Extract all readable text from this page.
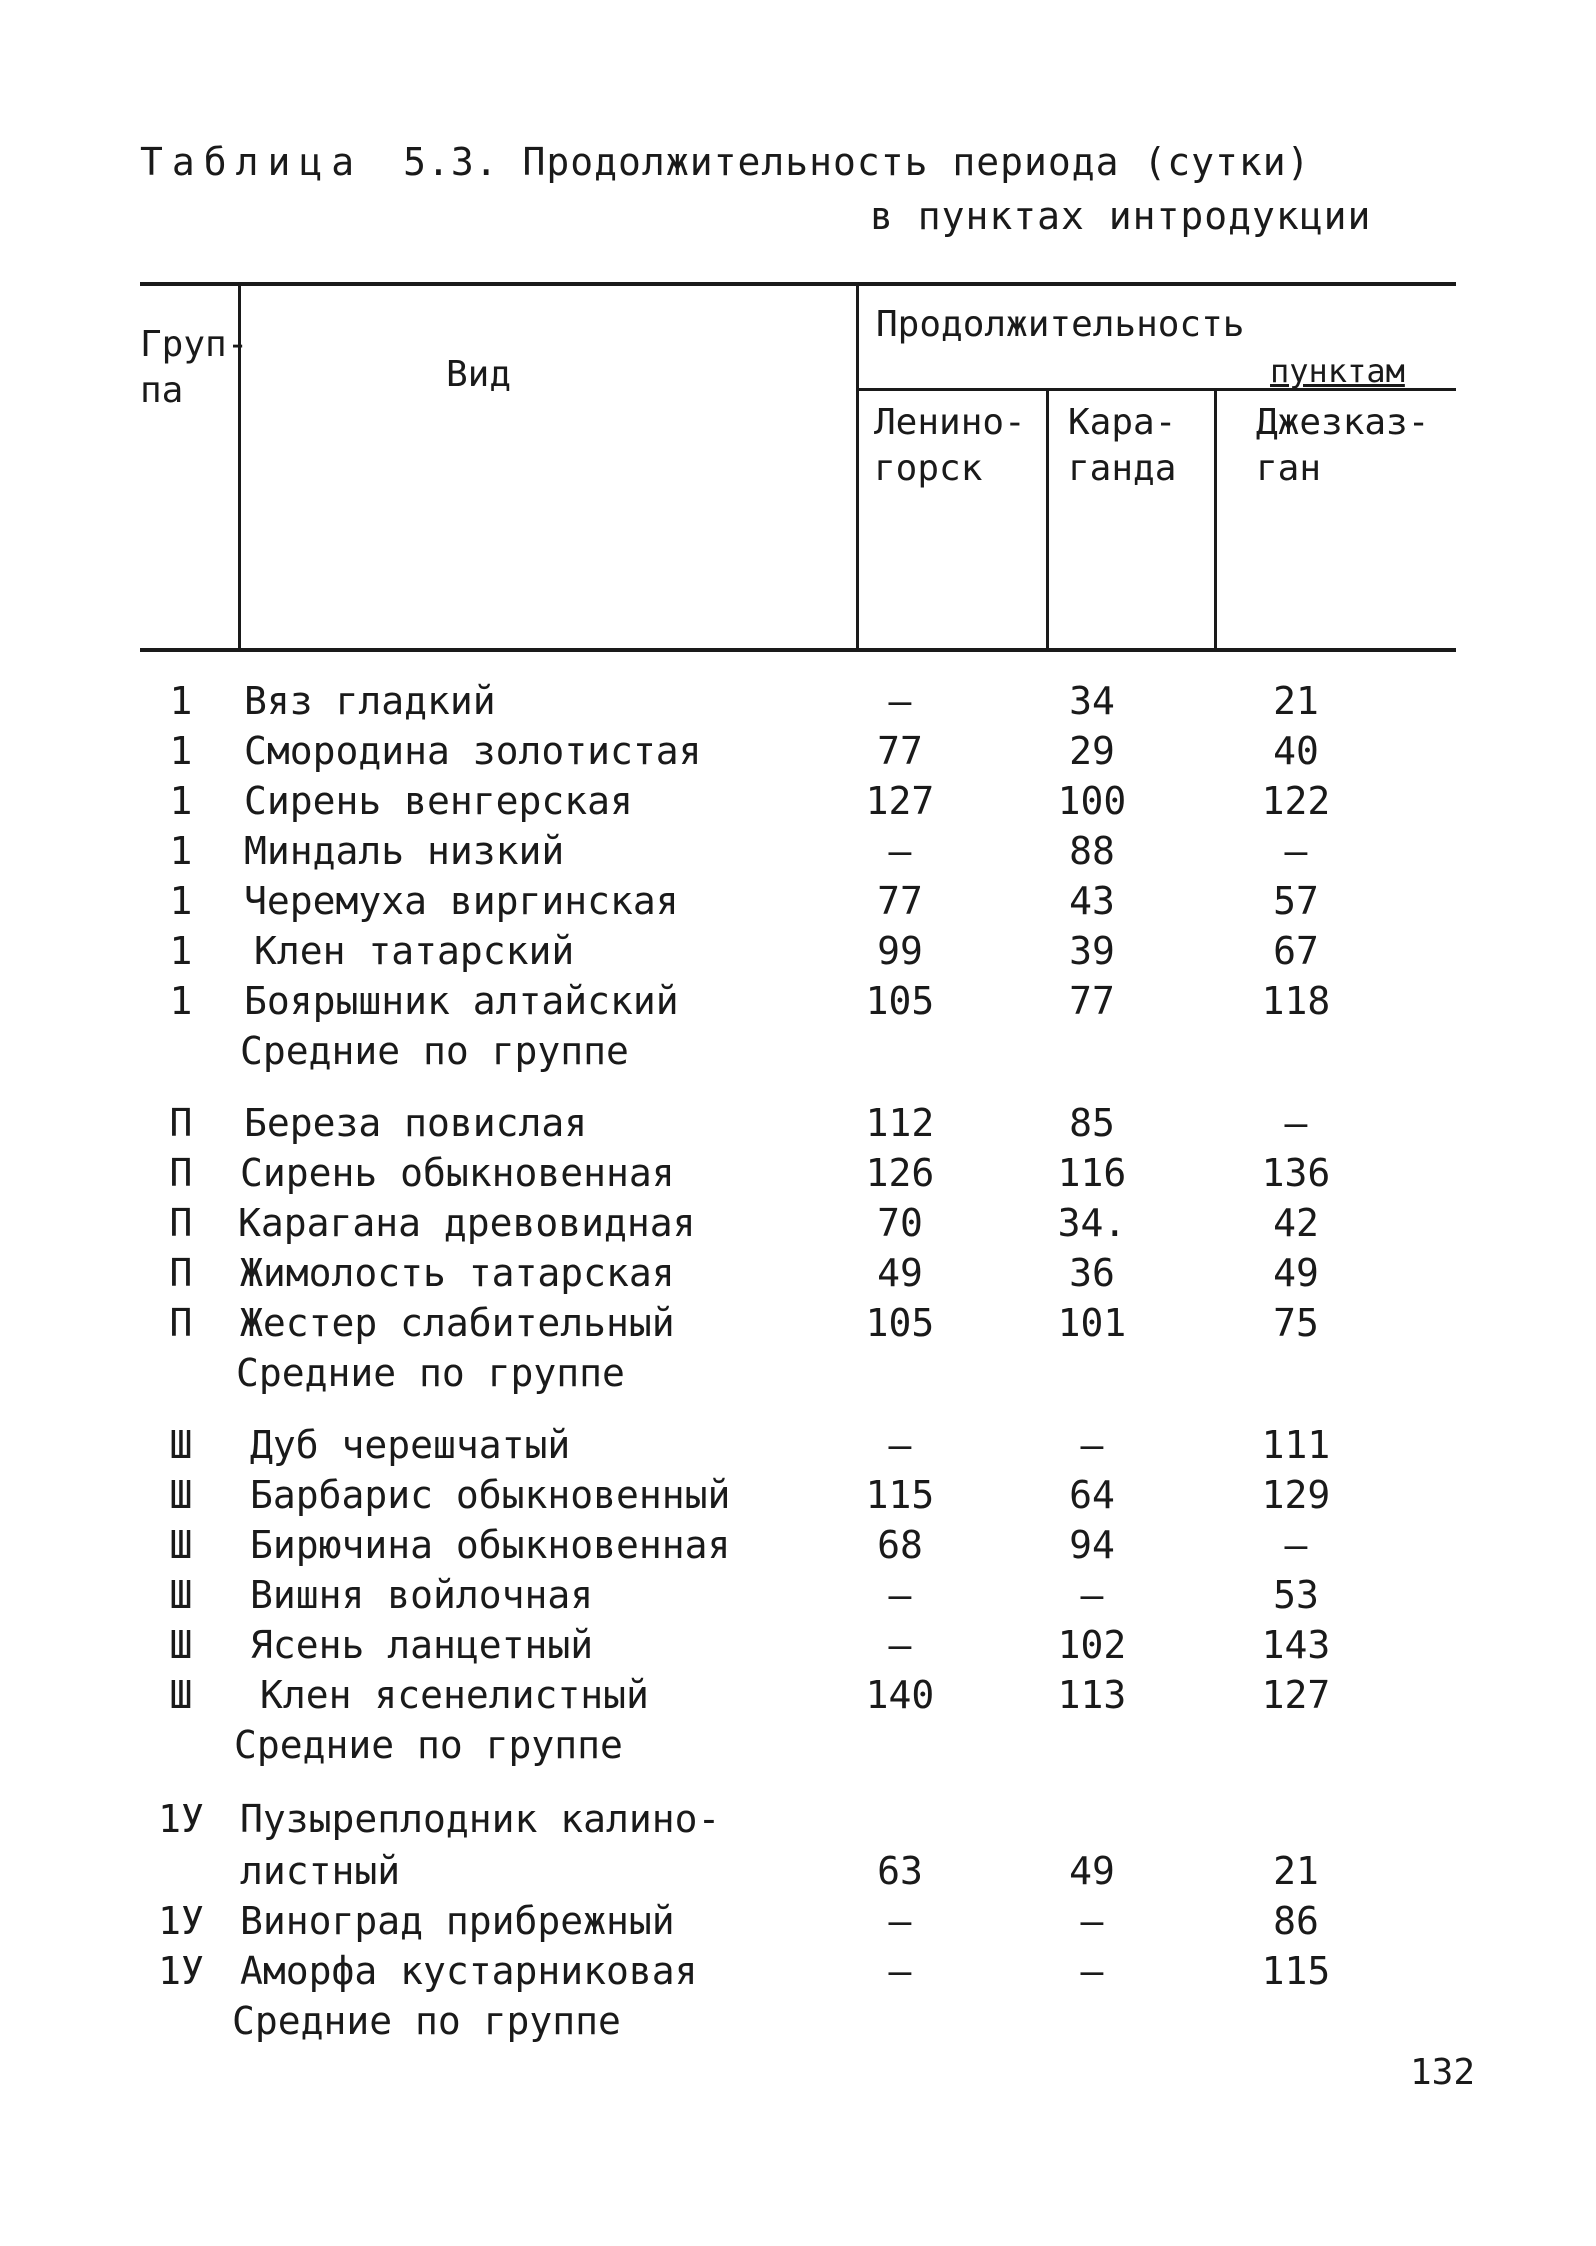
Таблица 5.3. Продолжительность периода (сутки)
в пунктах интродукции
Груп-
па	Вид
Продолжительность
пунктам
Ленино-
горск
Кара-
ганда
Джезказ-
ган
1	Вяз гладкий	–	34	21
1	Смородина золотистая	77	29	40
1	Сирень венгерская	127	100	122
1	Миндаль низкий	–	88	–
1	Черемуха виргинская	77	43	57
1	Клен татарский	99	39	67
1	Боярышник алтайский	105	77	118
Средние по группе
П	Береза повислая	112	85	–
П	Сирень обыкновенная	126	116	136
П	Карагана древовидная	70	34.	42
П	Жимолость татарская	49	36	49
П	Жестер слабительный	105	101	75
Средние по группе
Ш	Дуб черешчатый	–	–	111
Ш	Барбарис обыкновенный	115	64	129
Ш	Бирючина обыкновенная	68	94	–
Ш	Вишня войлочная	–	–	53
Ш	Ясень ланцетный	–	102	143
Ш	Клен ясенелистный	140	113	127
Средние по группе
1У Пузыреплодник калино-
листный	63	49	21
1У Виноград прибрежный	–	–	86
1У Аморфа кустарниковая	–	–	115
Средние по группе
132
